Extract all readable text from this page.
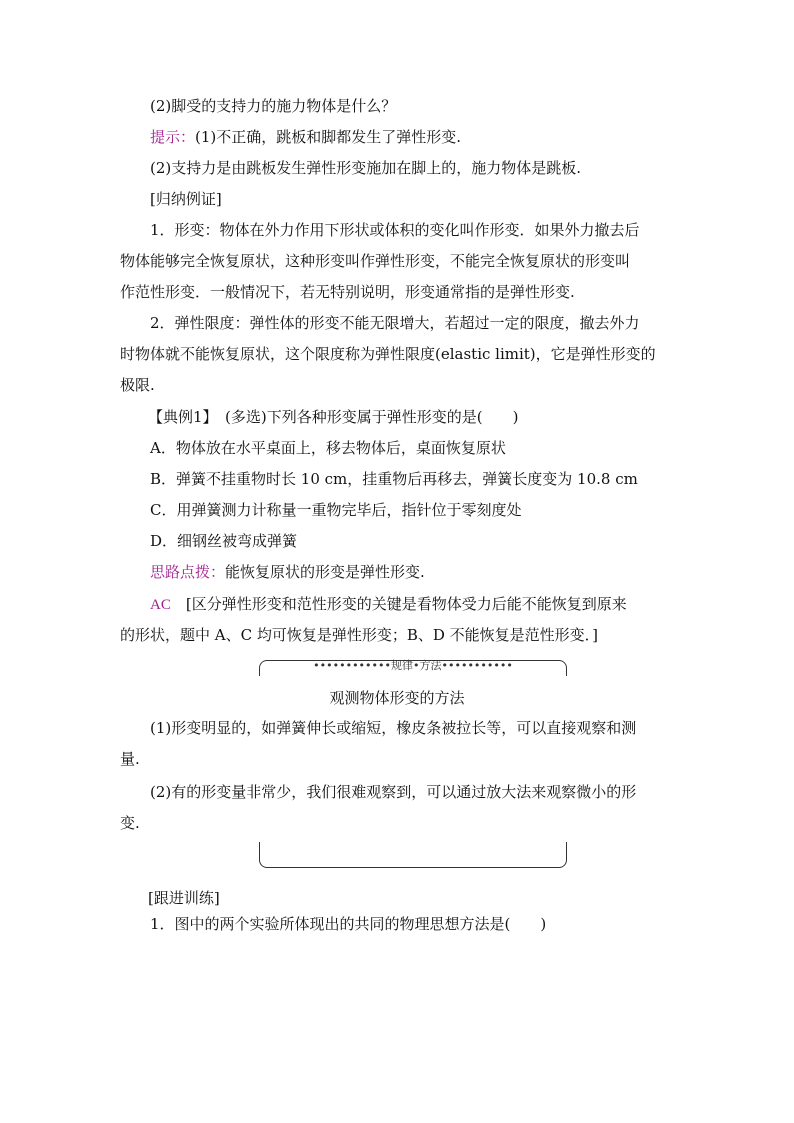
(2)脚受的支持力的施力物体是什么？
提示：(1)不正确，跳板和脚都发生了弹性形变.
(2)支持力是由跳板发生弹性形变施加在脚上的，施力物体是跳板.
[归纳例证]
1．形变：物体在外力作用下形状或体积的变化叫作形变．如果外力撤去后
物体能够完全恢复原状，这种形变叫作弹性形变，不能完全恢复原状的形变叫
作范性形变．一般情况下，若无特别说明，形变通常指的是弹性形变.
2．弹性限度：弹性体的形变不能无限增大，若超过一定的限度，撤去外力
时物体就不能恢复原状，这个限度称为弹性限度(elastic limit)，它是弹性形变的
极限.
【典例1】　(多选)下列各种形变属于弹性形变的是(　　)
A．物体放在水平桌面上，移去物体后，桌面恢复原状
B．弹簧不挂重物时长 10 cm，挂重物后再移去，弹簧长度变为 10.8 cm
C．用弹簧测力计称量一重物完毕后，指针位于零刻度处
D．细钢丝被弯成弹簧
思路点拨：能恢复原状的形变是弹性形变.
AC　[区分弹性形变和范性形变的关键是看物体受力后能不能恢复到原来
的形状，题中 A、C 均可恢复是弹性形变；B、D 不能恢复是范性形变．]
••••••••••••规律•方法•••••••••••
观测物体形变的方法
(1)形变明显的，如弹簧伸长或缩短，橡皮条被拉长等，可以直接观察和测
量.
(2)有的形变量非常少，我们很难观察到，可以通过放大法来观察微小的形
变.
[跟进训练]
1．图中的两个实验所体现出的共同的物理思想方法是(　　)
